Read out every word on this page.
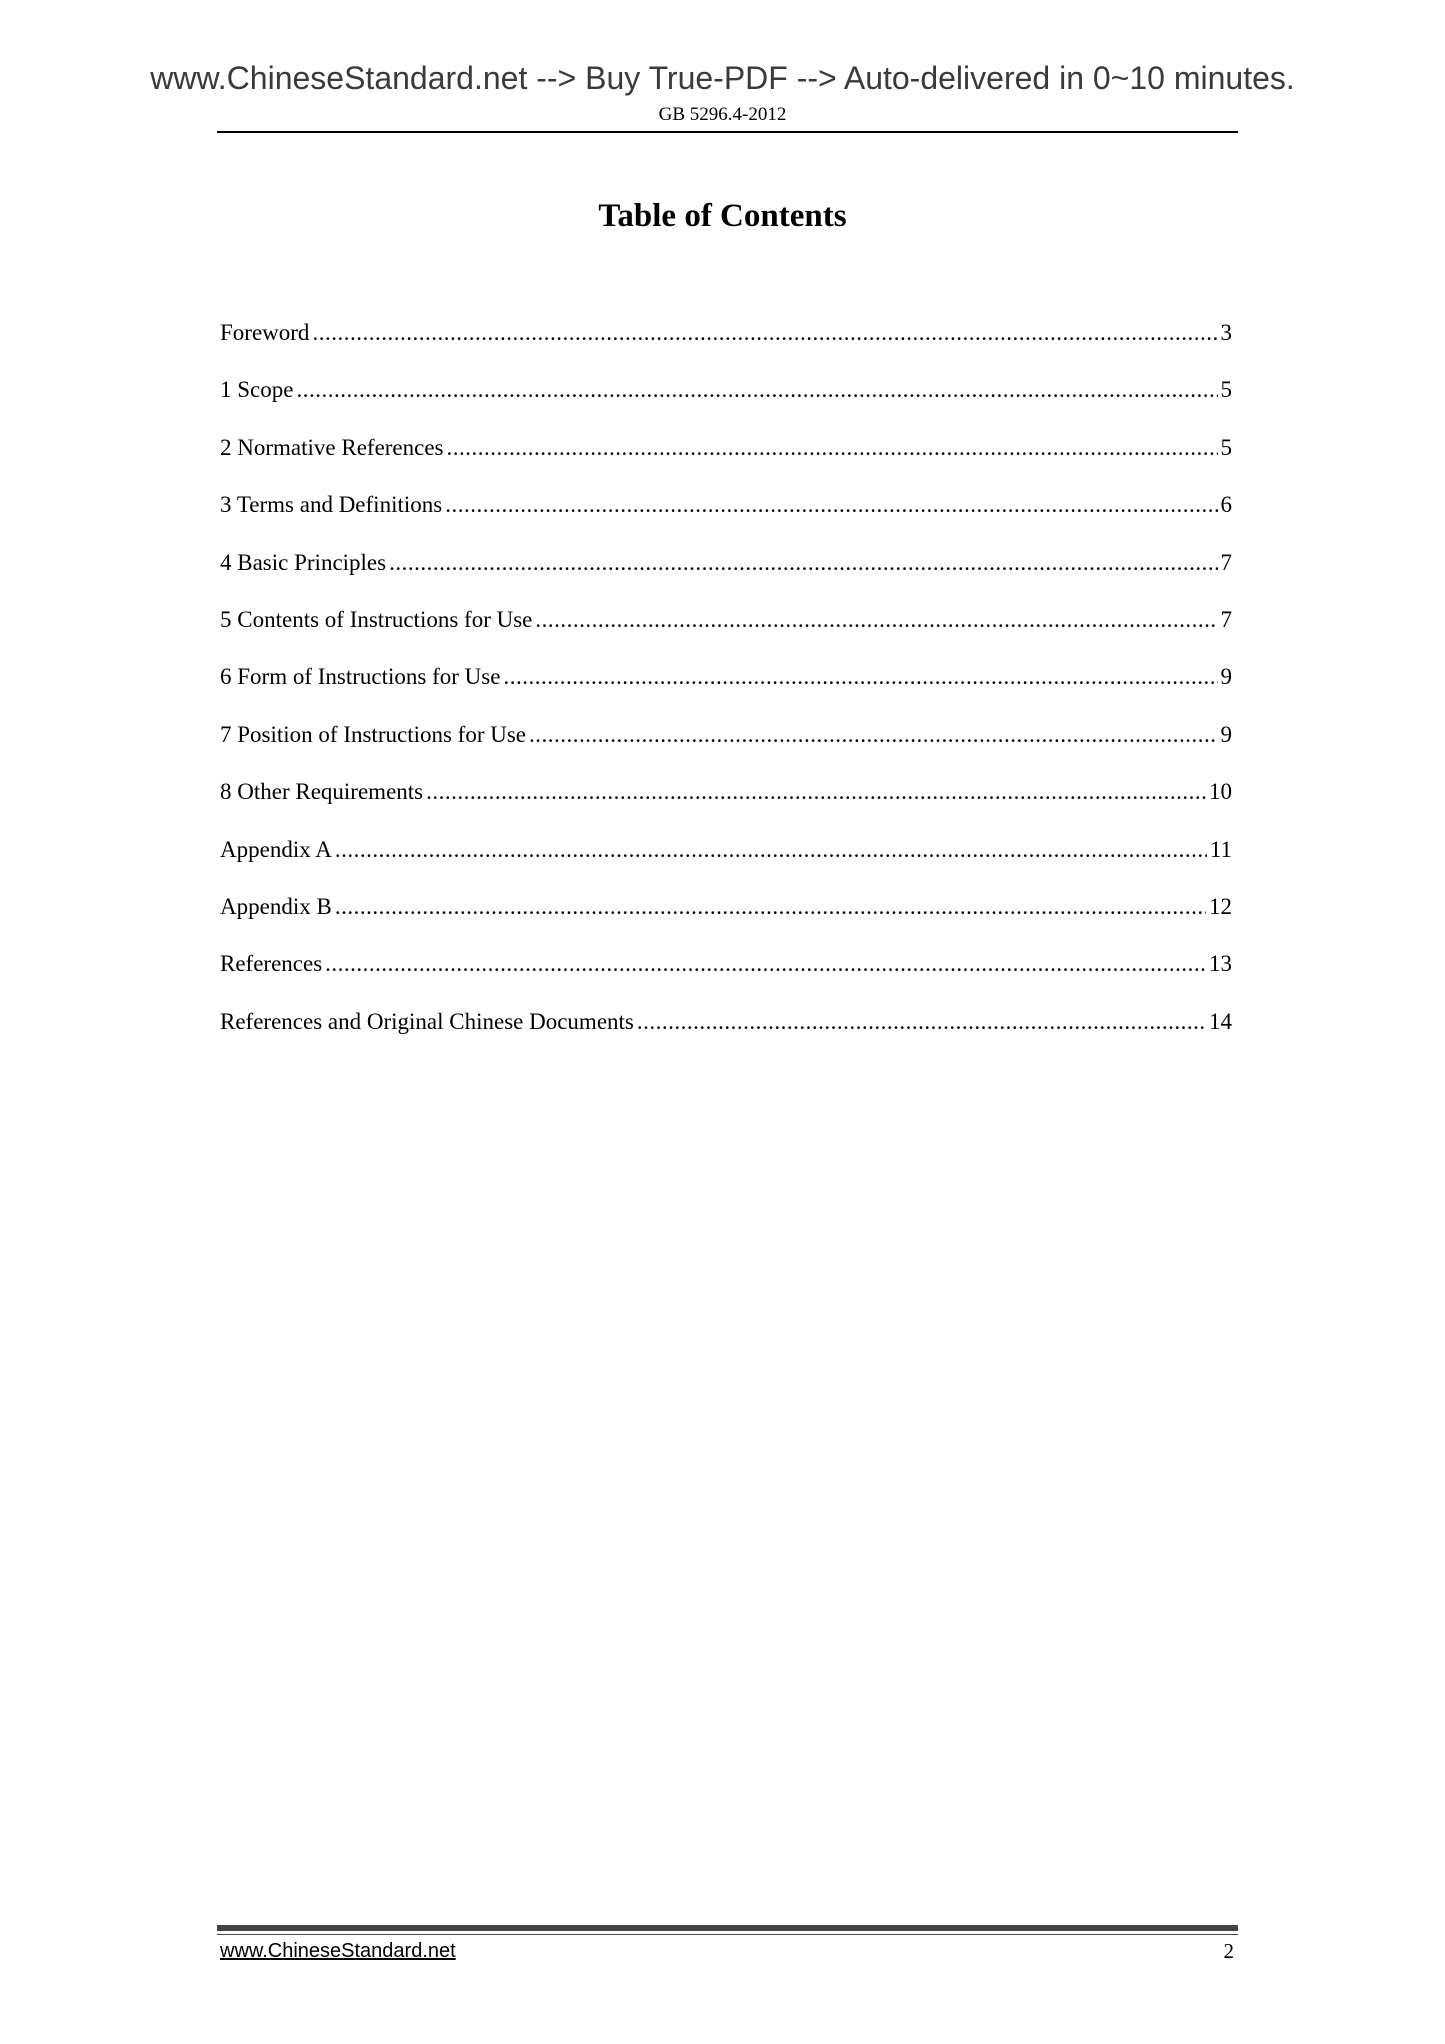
www.ChineseStandard.net --> Buy True-PDF --> Auto-delivered in 0~10 minutes.
GB 5296.4-2012
Table of Contents
Foreword .....	3
1 Scope .....	5
2 Normative References .....	5
3 Terms and Definitions .....	6
4 Basic Principles .....	7
5 Contents of Instructions for Use .....	7
6 Form of Instructions for Use .....	9
7 Position of Instructions for Use .....	9
8 Other Requirements .....	10
Appendix A .....	11
Appendix B .....	12
References .....	13
References and Original Chinese Documents .....	14
www.ChineseStandard.net	2
